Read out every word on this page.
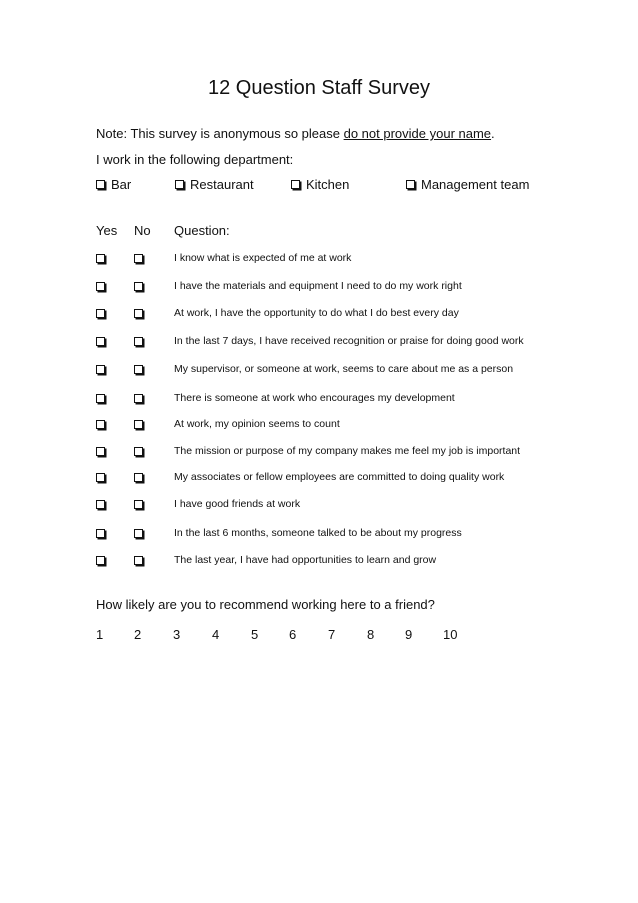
12 Question Staff Survey
Note: This survey is anonymous so please do not provide your name.
I work in the following department:
Bar	Restaurant	Kitchen	Management team
Yes No Question:
I know what is expected of me at work
I have the materials and equipment I need to do my work right
At work, I have the opportunity to do what I do best every day
In the last 7 days, I have received recognition or praise for doing good work
My supervisor, or someone at work, seems to care about me as a person
There is someone at work who encourages my development
At work, my opinion seems to count
The mission or purpose of my company makes me feel my job is important
My associates or fellow employees are committed to doing quality work
I have good friends at work
In the last 6 months, someone talked to be about my progress
The last year, I have had opportunities to learn and grow
How likely are you to recommend working here to a friend?
1 2 3 4 5 6 7 8 9 10
